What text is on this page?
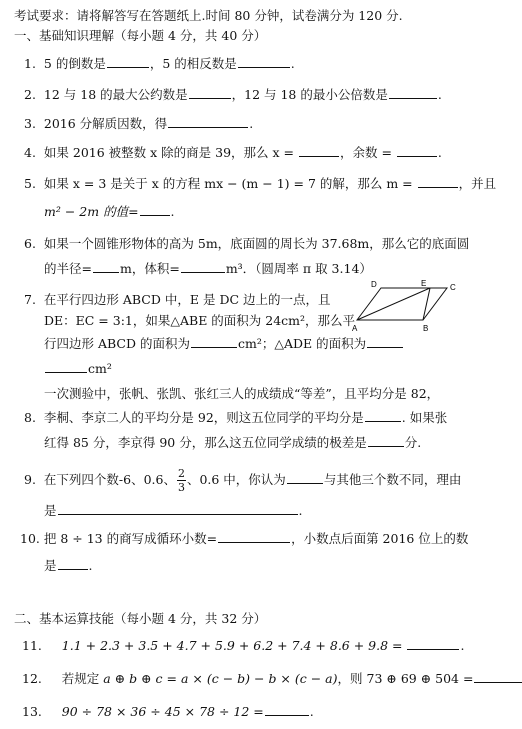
考试要求：请将解答写在答题纸上.时间 80 分钟，试卷满分为 120 分.
一、基础知识理解（每小题 4 分，共 40 分）
1. 5 的倒数是	，5 的相反数是	.
2. 12 与 18 的最大公约数是	，12 与 18 的最小公倍数是	.
3. 2016 分解质因数，得	.
4. 如果 2016 被整数 x 除的商是 39，那么 x =	，余数 =	.
5. 如果 x = 3 是关于 x 的方程 mx − (m − 1) = 7 的解，那么 m =	，并且
m² − 2m 的值=	.
6. 如果一个圆锥形物体的高为 5m，底面圆的周长为 37.68m，那么它的底面圆
的半径= m，体积=	m³．（圆周率 π 取 3.14）
7. 在平行四边形 ABCD 中，E 是 DC 边上的一点，且
DE：EC = 3:1，如果△ABE 的面积为 24cm²，那么平
行四边形 ABCD 的面积为	cm²；△ADE 的面积为
cm²
A	B
C
D	E
一次测验中，张帆、张凯、张红三人的成绩成“等差”，且平均分是 82，
8. 李桐、李京二人的平均分是 92，则这五位同学的平均分是	. 如果张
红得 85 分，李京得 90 分，那么这五位同学成绩的极差是	分.
9. 在下列四个数-6、0.6、 $\frac{2}{3}$ 、0.6 中，你认为	与其他三个数不同，理由
是	.
10. 把 8 ÷ 13 的商写成循环小数=	，小数点后面第 2016 位上的数
是	.
二、基本运算技能（每小题 4 分，共 32 分）
11. 1.1 + 2.3 + 3.5 + 4.7 + 5.9 + 6.2 + 7.4 + 8.6 + 9.8 =	.
12. 若规定 a ⊕ b ⊕ c = a × (c − b) − b × (c − a)，则 73 ⊕ 69 ⊕ 504 =
13. 90 ÷ 78 × 36 ÷ 45 × 78 ÷ 12 =	.
